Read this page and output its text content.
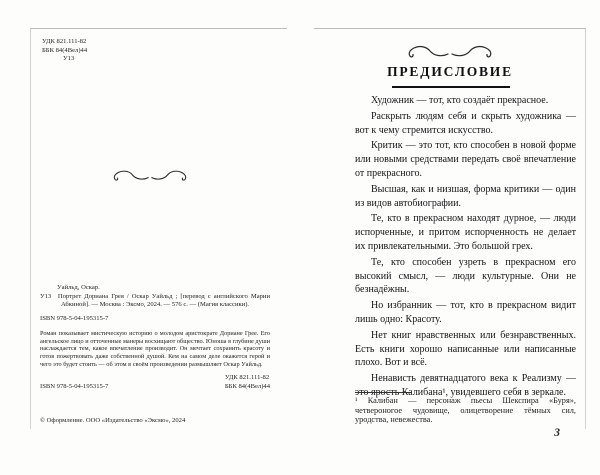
УДК 821.111-82
ББК 84(4Вел)44
У13

Уайльд, Оскар.

У13  Портрет Дориана Грея / Оскар Уайльд ; [перевод с английского Марии Абкиной]. — Москва : Эксмо, 2024. — 576 с. — (Магия классики).

ISBN 978-5-04-195315-7

Роман показывает мистическую историю о молодом аристократе Дориане Грее. Его ангельское лицо и отточенные манеры восхищают общество. Юноша в глубине души наслаждается тем, какое впечатление производит. Он мечтает сохранить красоту и готов пожертвовать даже собственной душой. Кем на самом деле окажется герой и чего это будет стоить — об этом в своём произведении размышляет Оскар Уайльд.
ISBN 978-5-04-195315-7
УДК 821.111-82
ББК 84(4Вел)44
© Оформление. ООО «Издательство «Эксмо», 2024
ПРЕДИСЛОВИЕ

Художник — тот, кто создаёт прекрасное.

Раскрыть людям себя и скрыть художника — вот к чему стремится искусство.

Критик — это тот, кто способен в новой форме или новыми средствами передать своё впечатление от прекрасного.

Высшая, как и низшая, форма критики — один из видов автобиографии.

Те, кто в прекрасном находят дурное, — люди испорченные, и притом испорченность не делает их привлекательными. Это большой грех.

Те, кто способен узреть в прекрасном его высокий смысл, — люди культурные. Они не безнадёжны.

Но избранник — тот, кто в прекрасном видит лишь одно: Красоту.

Нет книг нравственных или безнравственных. Есть книги хорошо написанные или написанные плохо. Вот и всё.

Ненависть девятнадцатого века к Реализму — это ярость Калибана¹, увидевшего себя в зеркале.

¹ Калибан — персонаж пьесы Шекспира «Буря», четвероногое чудовище, олицетворение тёмных сил, уродства, невежества.
3
